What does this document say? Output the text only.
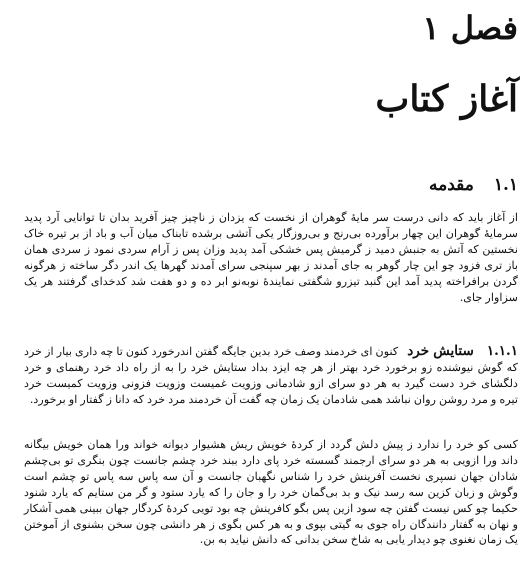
فصل ۱
آغاز کتاب
۱.۱ مقدمه

از آغاز باید که دانی درست سر مایهٔ گوهران از نخست که یزدان ز ناچیز چیز آفرید بدان تا توانایی آرد پدید سرمایهٔ گوهران این چهار برآورده بی‌رنج و بی‌روزگار یکی آتشی برشده تابناک میان آب و باد از بر تیره خاک نخستین که آتش به جنبش دمید ز گرمیش پس خشکی آمد پدید وزان پس ز آرام سردی نمود ز سردی همان باز تری فزود چو این چار گوهر به جای آمدند ز بهر سپنجی سرای آمدند گهرها یک اندر دگر ساخته ز هرگونه گردن برافراخته پدید آمد این گنبد تیزرو شگفتی نمایندهٔ نوبه‌نو ابر ده و دو هفت شد کدخدای گرفتند هر یک سزاوار جای.

۱.۱.۱ ستایش خرد کنون ای خردمند وصف خرد بدین جایگه گفتن اندرخورد کنون تا چه داری بیار از خرد که گوش نیوشنده زو برخورد خرد بهتر از هر چه ایزد بداد ستایش خرد را به از راه داد خرد رهنمای و خرد دلگشای خرد دست گیرد به هر دو سرای ازو شادمانی وزویت غمیست وزویت فزونی وزویت کمیست خرد تیره و مرد روشن روان نباشد همی شادمان یک زمان چه گفت آن خردمند مرد خرد که دانا ز گفتار او برخورد.

کسی کو خرد را ندارد ز پیش دلش گردد از کردهٔ خویش ریش هشیوار دیوانه خواند ورا همان خویش بیگانه داند ورا ازویی به هر دو سرای ارجمند گسسته خرد پای دارد ببند خرد چشم جانست چون بنگری تو بی‌چشم شادان جهان نسپری نخست آفرینش خرد را شناس نگهبان جانست و آن سه پاس سه پاس تو چشم است وگوش و زبان کزین سه رسد نیک و بد بی‌گمان خرد را و جان را که یارد ستود و گر من ستایم که یارد شنود حکیما چو کس نیست گفتن چه سود ازین پس بگو کافرینش چه بود تویی کردهٔ کردگار جهان ببینی همی آشکار و نهان به گفتار دانندگان راه جوی به گیتی بپوی و به هر کس بگوی ز هر دانشی چون سخن بشنوی از آموختن یک زمان نغنوی چو دیدار یابی به شاخ سخن بدانی که دانش نیاید به بن.
